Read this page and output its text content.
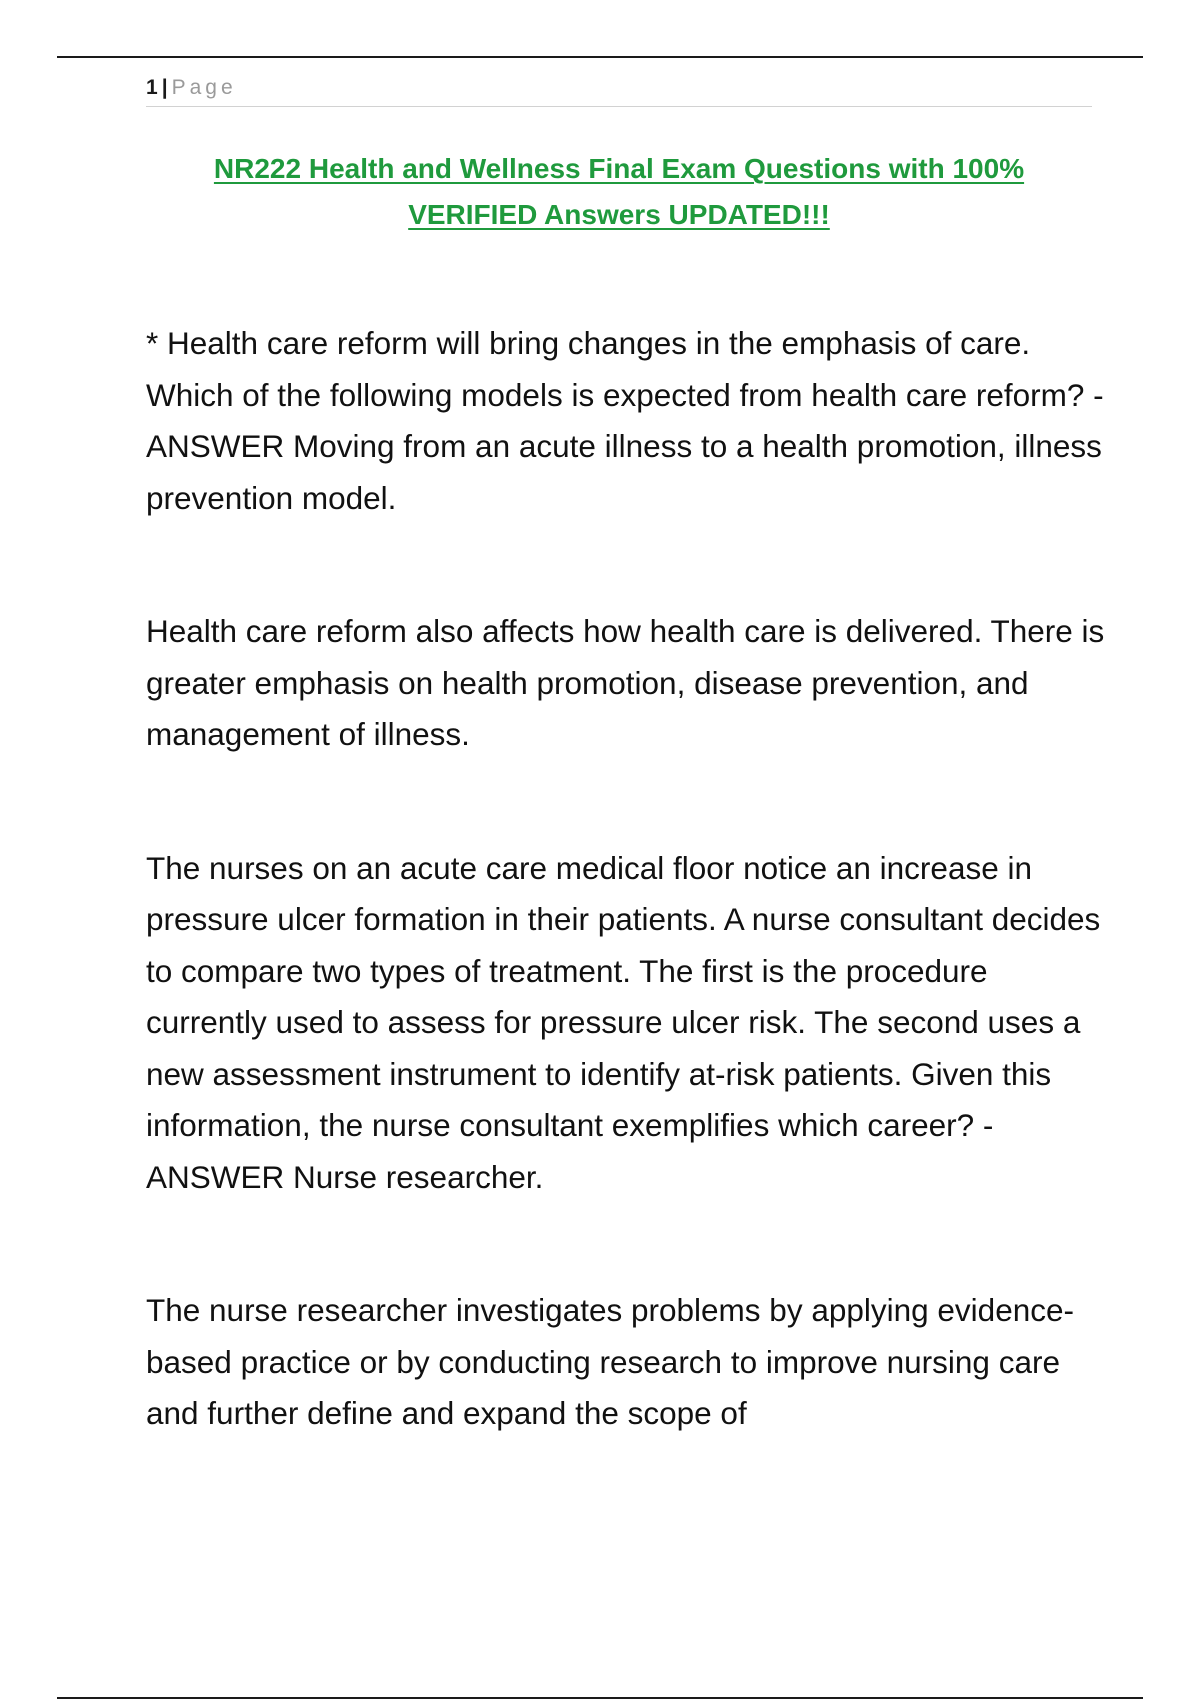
1 | Page
NR222 Health and Wellness Final Exam Questions with 100% VERIFIED Answers UPDATED!!!

* Health care reform will bring changes in the emphasis of care. Which of the following models is expected from health care reform? - ANSWER Moving from an acute illness to a health promotion, illness prevention model.

Health care reform also affects how health care is delivered. There is greater emphasis on health promotion, disease prevention, and management of illness.

The nurses on an acute care medical floor notice an increase in pressure ulcer formation in their patients. A nurse consultant decides to compare two types of treatment. The first is the procedure currently used to assess for pressure ulcer risk. The second uses a new assessment instrument to identify at-risk patients. Given this information, the nurse consultant exemplifies which career? - ANSWER Nurse researcher.

The nurse researcher investigates problems by applying evidence-based practice or by conducting research to improve nursing care and further define and expand the scope of
